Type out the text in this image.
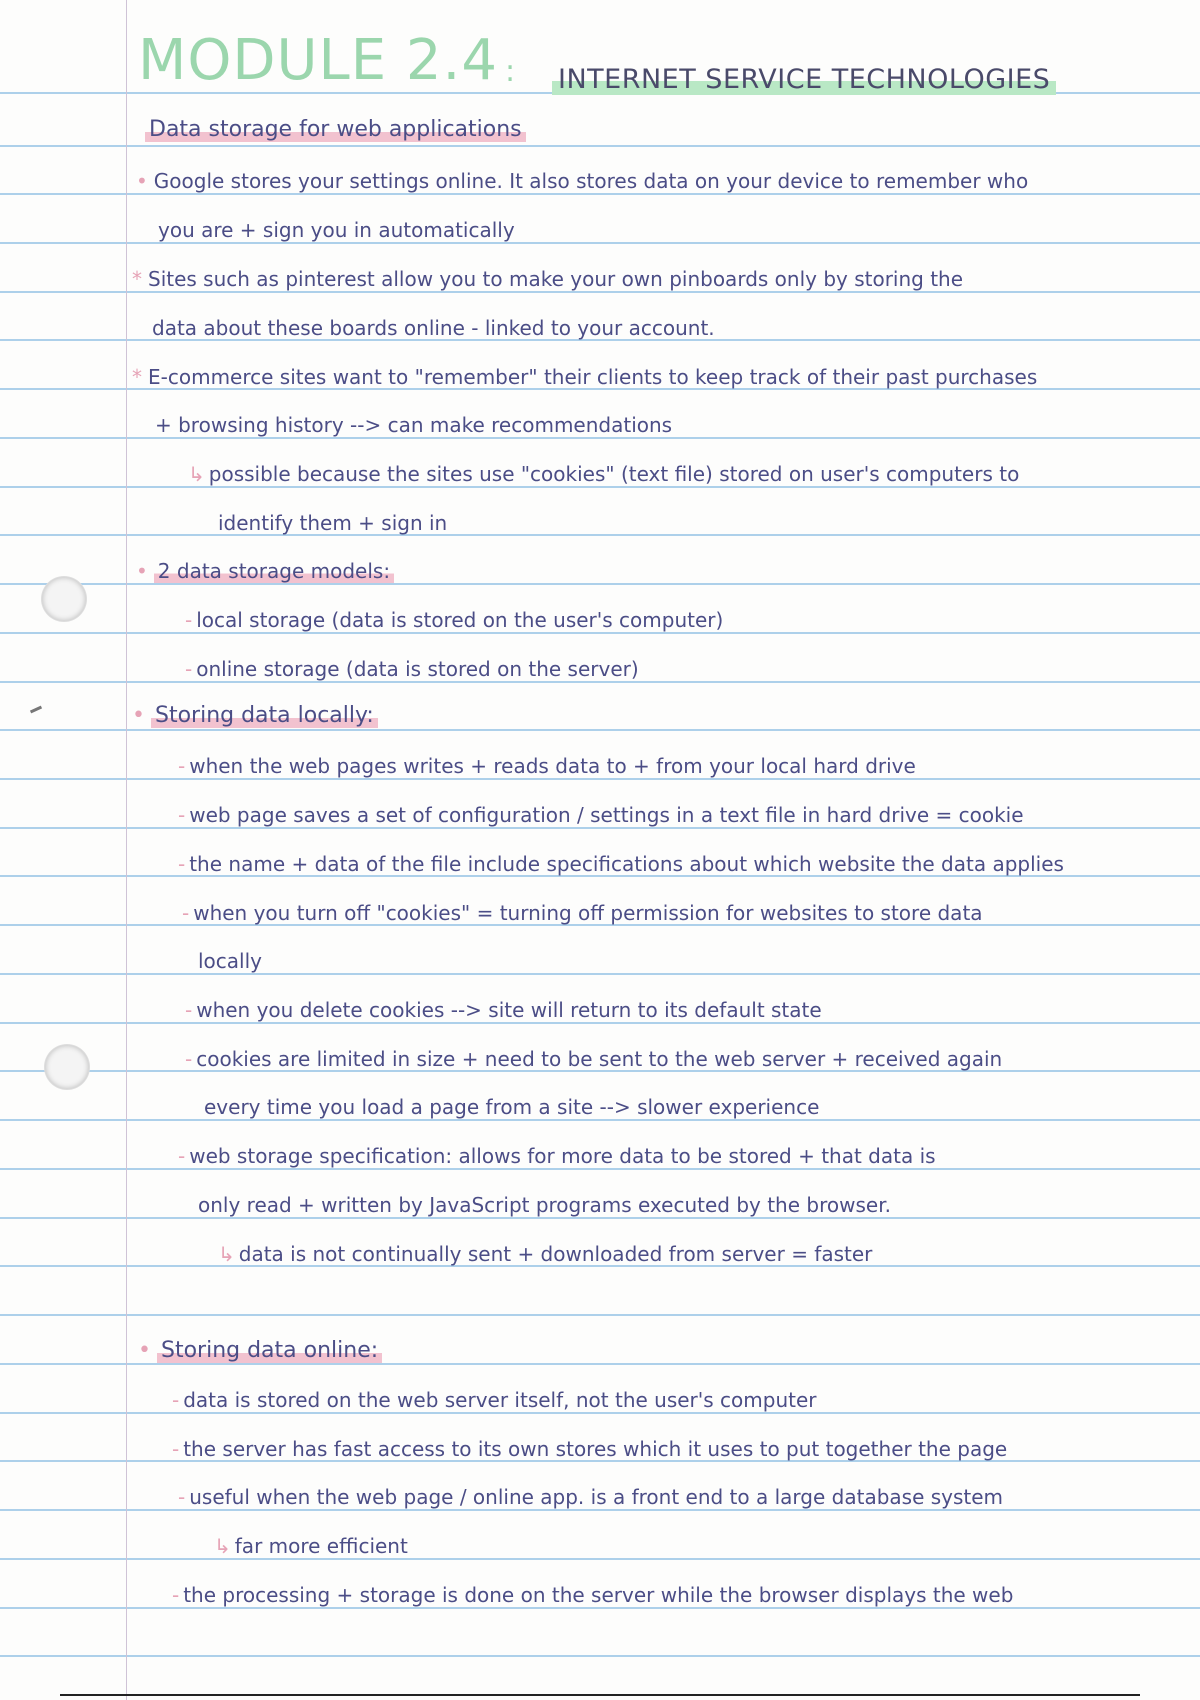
MODULE 2.4 : INTERNET SERVICE TECHNOLOGIES
Data storage for web applications
• Google stores your settings online. It also stores data on your device to remember who
you are + sign you in automatically
* Sites such as pinterest allow you to make your own pinboards only by storing the
data about these boards online - linked to your account.
* E-commerce sites want to "remember" their clients to keep track of their past purchases
+ browsing history --> can make recommendations
↳ possible because the sites use "cookies" (text file) stored on user's computers to
identify them + sign in
• 2 data storage models:
- local storage (data is stored on the user's computer)
- online storage (data is stored on the server)
• Storing data locally:
- when the web pages writes + reads data to + from your local hard drive
- web page saves a set of configuration / settings in a text file in hard drive = cookie
- the name + data of the file include specifications about which website the data applies
- when you turn off "cookies" = turning off permission for websites to store data
locally
- when you delete cookies --> site will return to its default state
- cookies are limited in size + need to be sent to the web server + received again
every time you load a page from a site --> slower experience
- web storage specification: allows for more data to be stored + that data is
only read + written by JavaScript programs executed by the browser.
↳ data is not continually sent + downloaded from server = faster
• Storing data online:
- data is stored on the web server itself, not the user's computer
- the server has fast access to its own stores which it uses to put together the page
- useful when the web page / online app. is a front end to a large database system
↳ far more efficient
- the processing + storage is done on the server while the browser displays the web
